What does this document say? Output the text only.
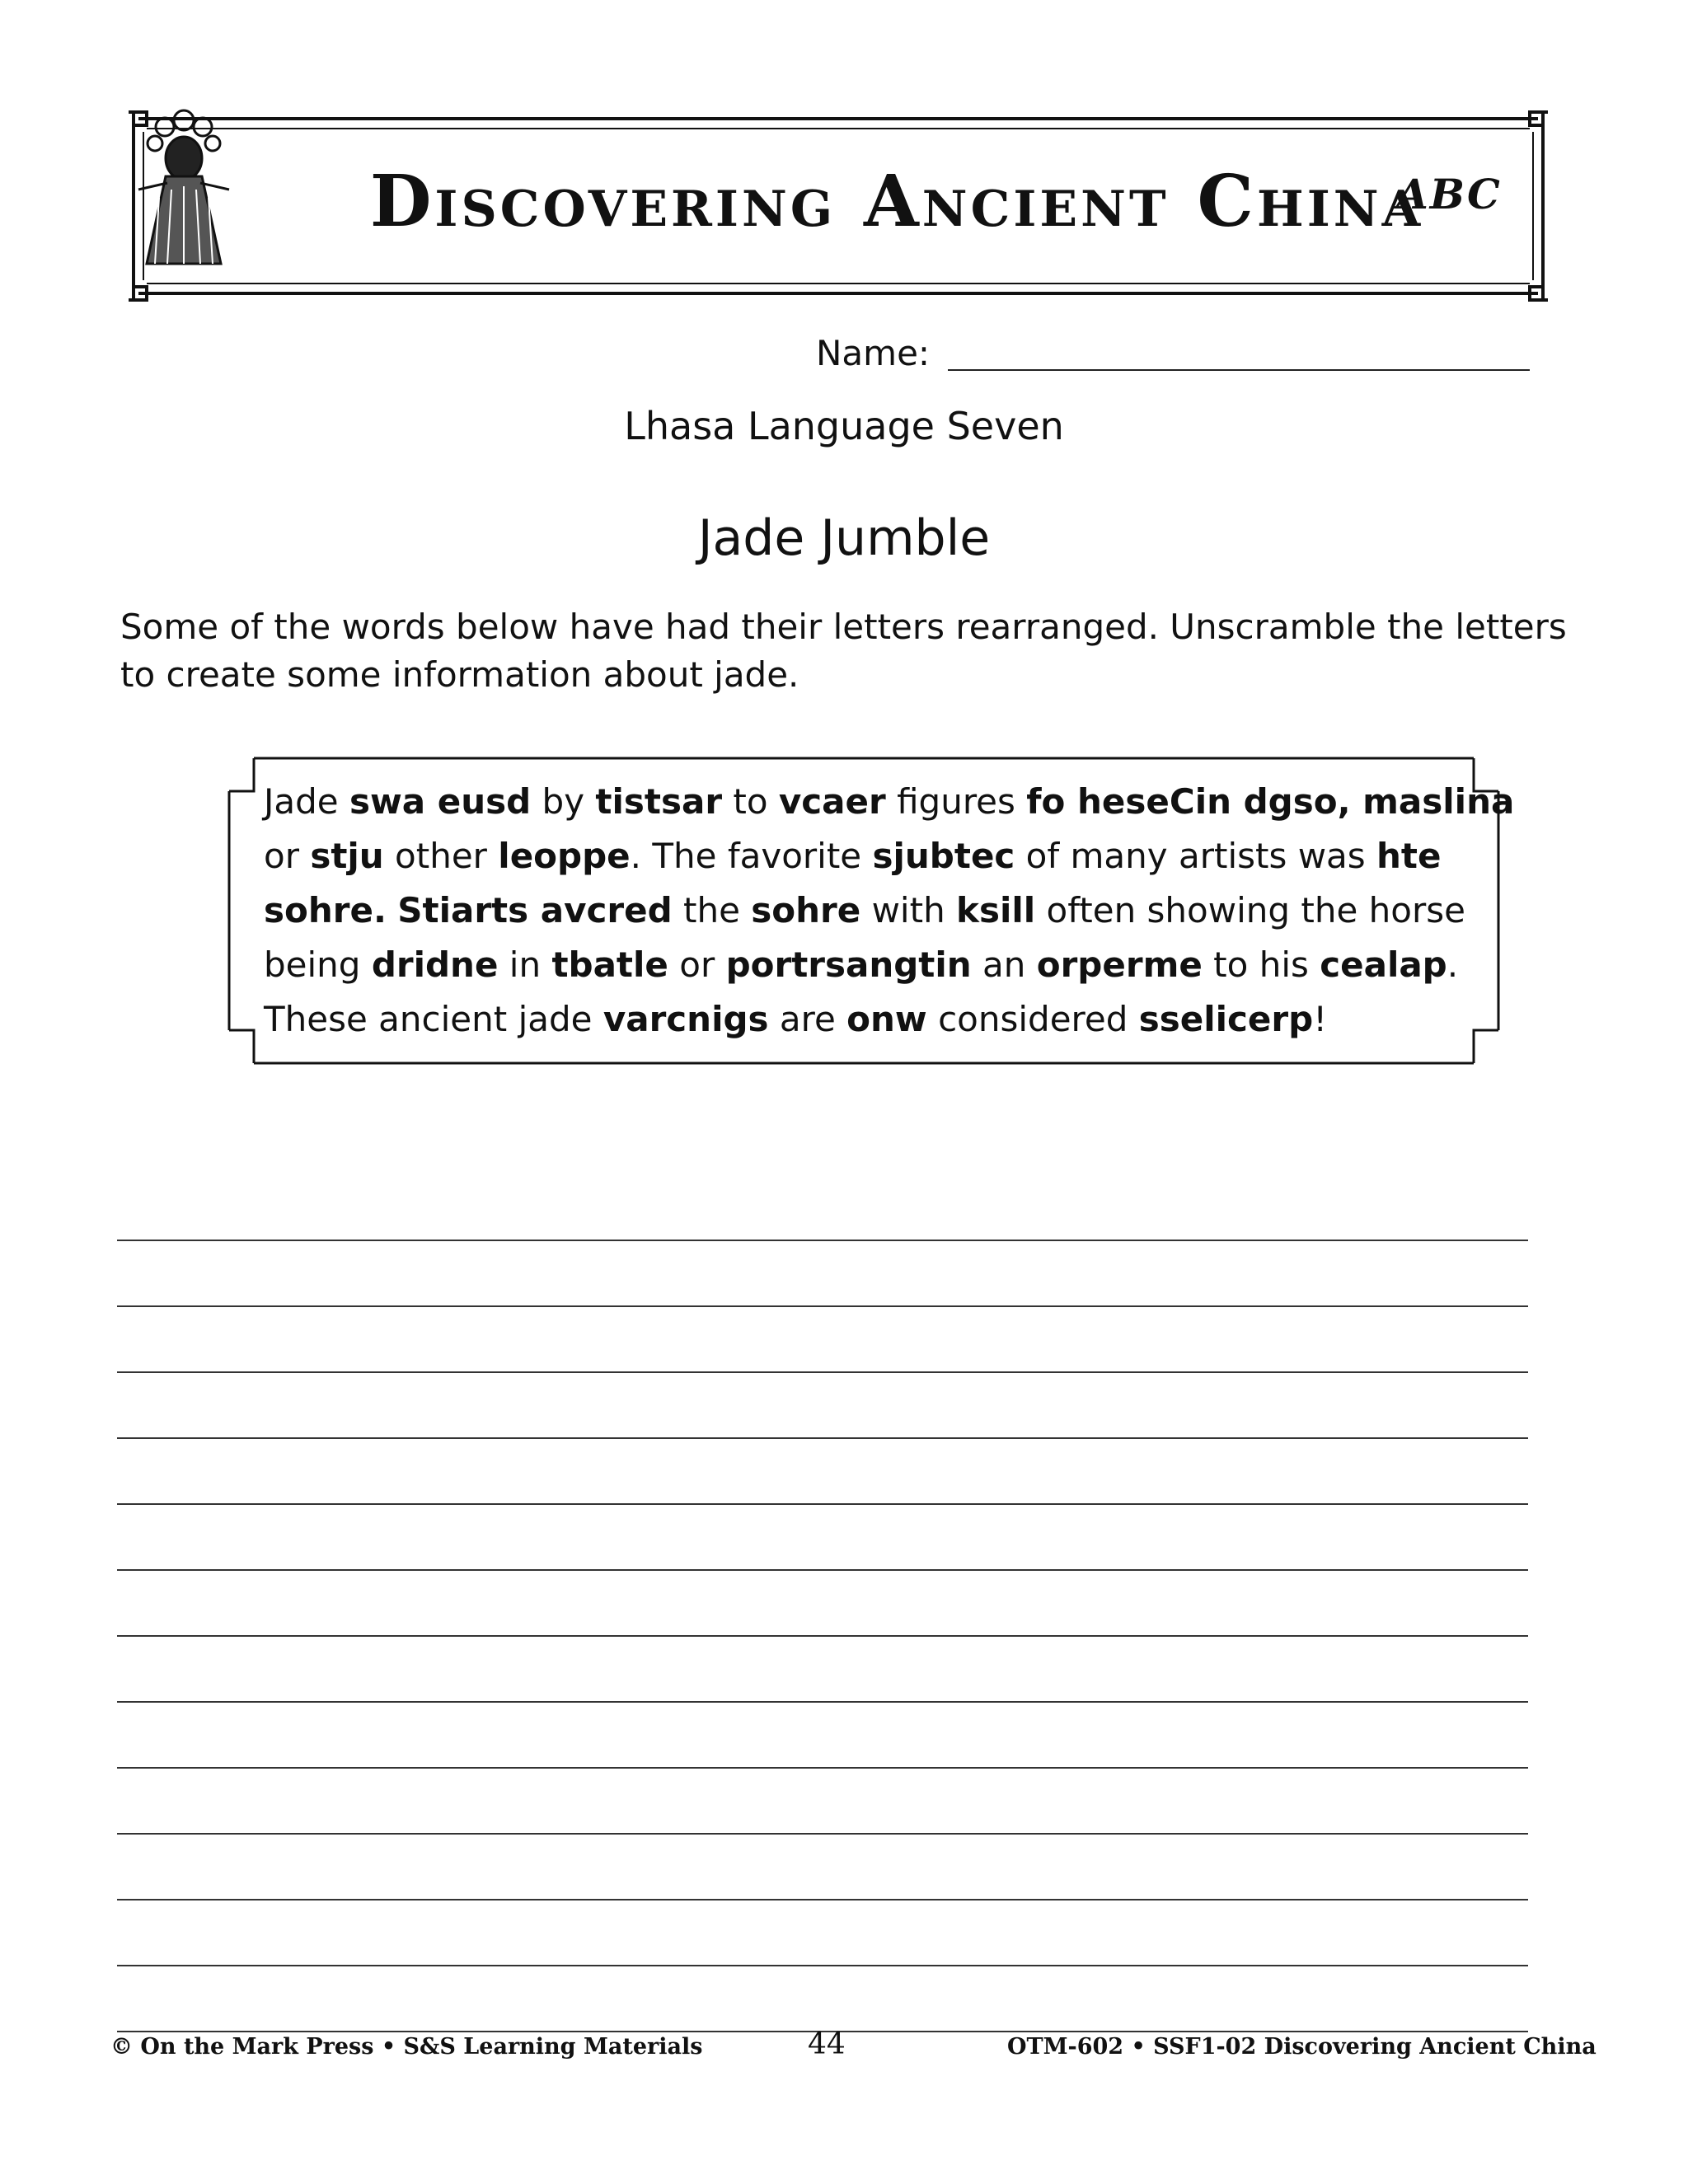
Discovering Ancient China
ABC
Name:
Lhasa Language Seven
Jade Jumble
Some of the words below have had their letters rearranged. Unscramble the letters to create some information about jade.
Jade swa eusd by tistsar to vcaer figures fo heseCin dgso, maslina or stju other leoppe. The favorite sjubtec of many artists was hte sohre. Stiarts avcred the sohre with ksill often showing the horse being dridne in tbatle or portrsangtin an orperme to his cealap. These ancient jade varcnigs are onw considered sselicerp!
© On the Mark Press • S&S Learning Materials	44	OTM-602 • SSF1-02 Discovering Ancient China
